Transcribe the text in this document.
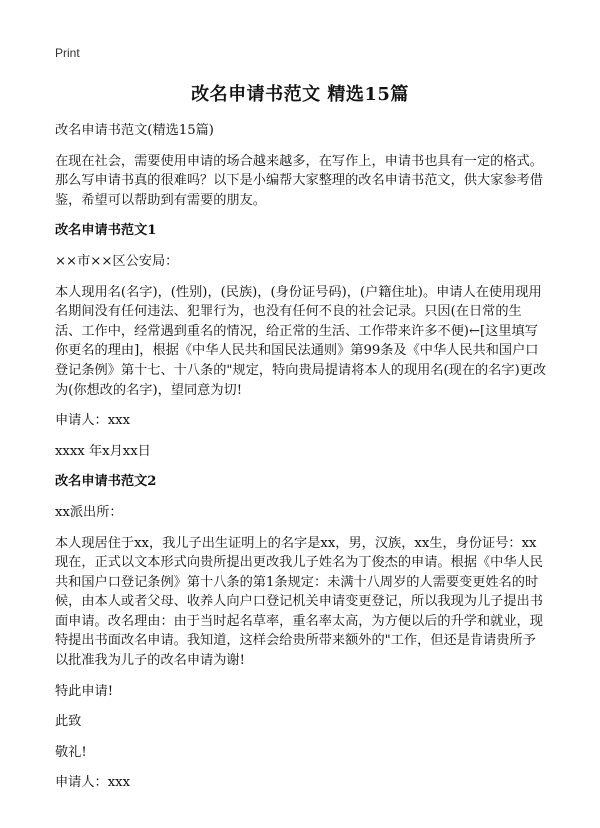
Print
改名申请书范文 精选15篇

改名申请书范文(精选15篇)

在现在社会，需要使用申请的场合越来越多，在写作上，申请书也具有一定的格式。那么写申请书真的很难吗？以下是小编帮大家整理的改名申请书范文，供大家参考借鉴，希望可以帮助到有需要的朋友。

改名申请书范文1

××市××区公安局：

本人现用名(名字)，(性别)，(民族)，(身份证号码)，(户籍住址)。申请人在使用现用名期间没有任何违法、犯罪行为，也没有任何不良的社会记录。只因(在日常的生活、工作中，经常遇到重名的情况，给正常的生活、工作带来许多不便)←[这里填写你更名的理由]，根据《中华人民共和国民法通则》第99条及《中华人民共和国户口登记条例》第十七、十八条的"规定，特向贵局提请将本人的现用名(现在的名字)更改为(你想改的名字)，望同意为切!

申请人：xxx

xxxx 年x月xx日

改名申请书范文2

xx派出所：

本人现居住于xx，我儿子出生证明上的名字是xx，男，汉族，xx生，身份证号：xx现在，正式以文本形式向贵所提出更改我儿子姓名为丁俊杰的申请。根据《中华人民共和国户口登记条例》第十八条的第1条规定：未满十八周岁的人需要变更姓名的时候，由本人或者父母、收养人向户口登记机关申请变更登记，所以我现为儿子提出书面申请。改名理由：由于当时起名草率，重名率太高，为方便以后的升学和就业，现特提出书面改名申请。我知道，这样会给贵所带来额外的"工作，但还是肯请贵所予以批准我为儿子的改名申请为谢!

特此申请!

此致

敬礼!

申请人：xxx
